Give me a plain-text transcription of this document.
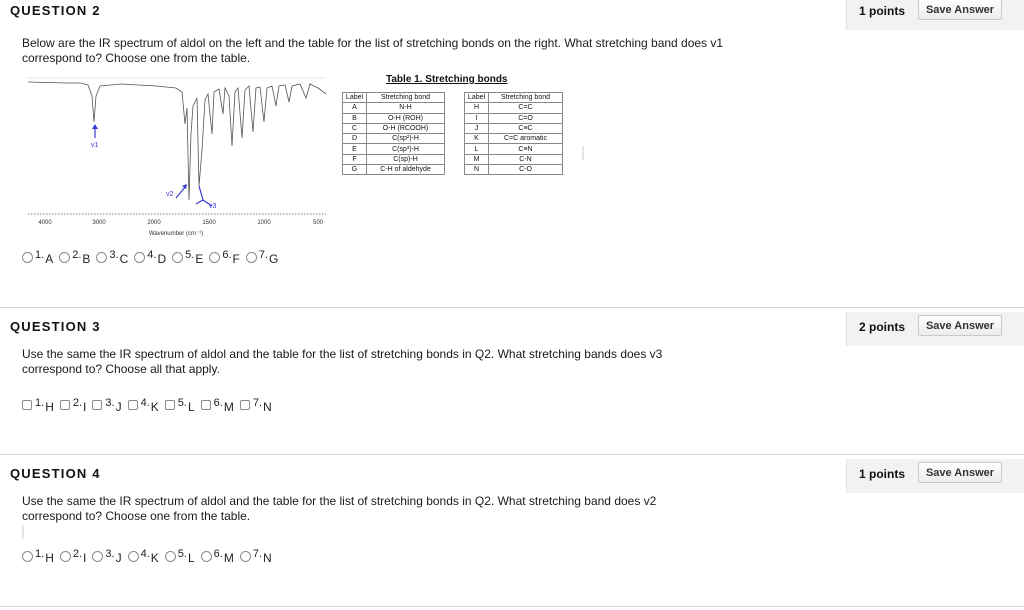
QUESTION 2	1 points	Save Answer
Below are the IR spectrum of aldol on the left and the table for the list of stretching bonds on the right. What stretching band does v1 correspond to? Choose one from the table.
4000	3000	2000	1500	1000	500
Wavenumber (cm⁻¹)
v1
v2
v3
Table 1. Stretching bonds
Label	Stretching bond
A	N-H
B	O-H (ROH)
C	O-H (RCOOH)
D	C(sp²)-H
E	C(sp³)-H
F	C(sp)-H
G	C-H of aldehyde
Label	Stretching bond
H	C=C
I	C=O
J	C≡C
K	C=C aromatic
L	C≡N
M	C-N
N	C-O
1. A 2. B 3. C 4. D 5. E 6. F 7. G
QUESTION 3	2 points	Save Answer
Use the same the IR spectrum of aldol and the table for the list of stretching bonds in Q2. What stretching bands does v3 correspond to? Choose all that apply.
1. H 2. I 3. J 4. K 5. L 6. M 7. N
QUESTION 4	1 points	Save Answer
Use the same the IR spectrum of aldol and the table for the list of stretching bonds in Q2. What stretching band does v2 correspond to? Choose one from the table.
1. H 2. I 3. J 4. K 5. L 6. M 7. N
